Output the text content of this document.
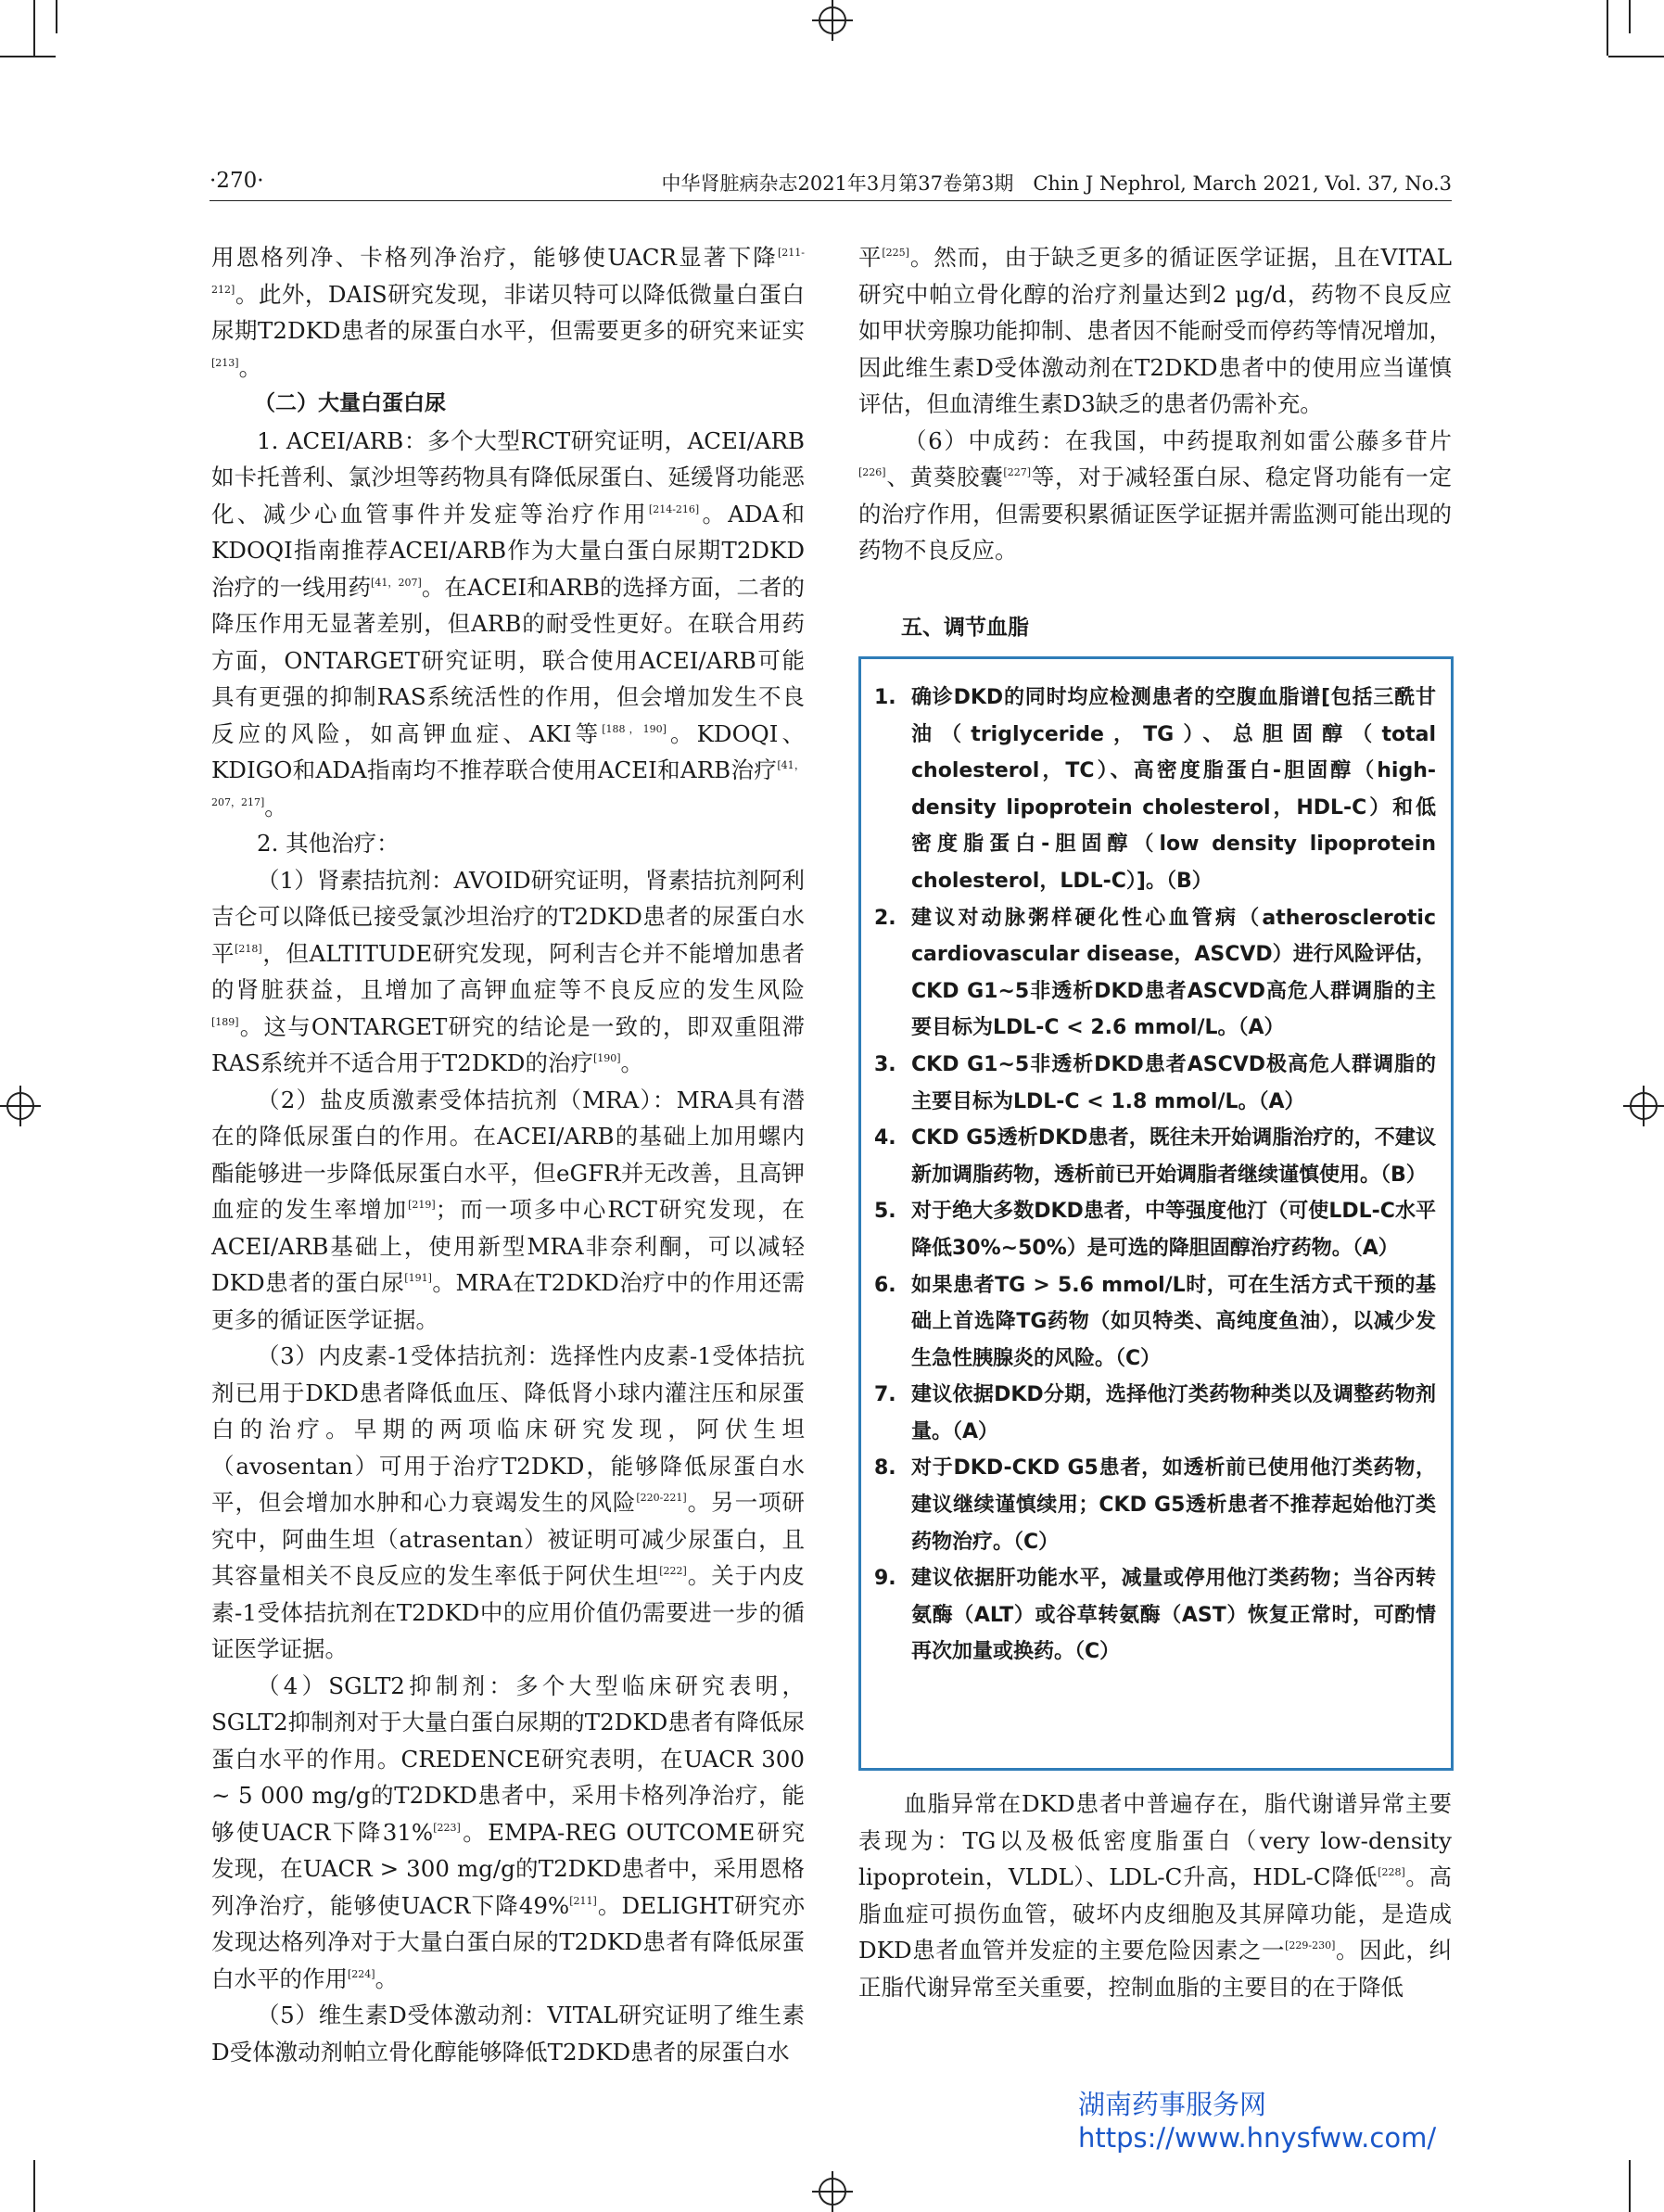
·270·	中华肾脏病杂志2021年3月第37卷第3期　Chin J Nephrol, March 2021, Vol. 37, No.3

用恩格列净、卡格列净治疗，能够使UACR显著下降[211-212]。此外，DAIS研究发现，非诺贝特可以降低微量白蛋白尿期T2DKD患者的尿蛋白水平，但需要更多的研究来证实[213]。

（二）大量白蛋白尿

1. ACEI/ARB：多个大型RCT研究证明，ACEI/ARB如卡托普利、氯沙坦等药物具有降低尿蛋白、延缓肾功能恶化、减少心血管事件并发症等治疗作用[214-216]。ADA和KDOQI指南推荐ACEI/ARB作为大量白蛋白尿期T2DKD治疗的一线用药[41，207]。在ACEI和ARB的选择方面，二者的降压作用无显著差别，但ARB的耐受性更好。在联合用药方面，ONTARGET研究证明，联合使用ACEI/ARB可能具有更强的抑制RAS系统活性的作用，但会增加发生不良反应的风险，如高钾血症、AKI等[188，190]。KDOQI、KDIGO和ADA指南均不推荐联合使用ACEI和ARB治疗[41，207，217]。

2. 其他治疗：

（1）肾素拮抗剂：AVOID研究证明，肾素拮抗剂阿利吉仑可以降低已接受氯沙坦治疗的T2DKD患者的尿蛋白水平[218]，但ALTITUDE研究发现，阿利吉仑并不能增加患者的肾脏获益，且增加了高钾血症等不良反应的发生风险[189]。这与ONTARGET研究的结论是一致的，即双重阻滞RAS系统并不适合用于T2DKD的治疗[190]。

（2）盐皮质激素受体拮抗剂（MRA）：MRA具有潜在的降低尿蛋白的作用。在ACEI/ARB的基础上加用螺内酯能够进一步降低尿蛋白水平，但eGFR并无改善，且高钾血症的发生率增加[219]；而一项多中心RCT研究发现，在ACEI/ARB基础上，使用新型MRA非奈利酮，可以减轻DKD患者的蛋白尿[191]。MRA在T2DKD治疗中的作用还需更多的循证医学证据。

（3）内皮素-1受体拮抗剂：选择性内皮素-1受体拮抗剂已用于DKD患者降低血压、降低肾小球内灌注压和尿蛋白的治疗。早期的两项临床研究发现，阿伏生坦（avosentan）可用于治疗T2DKD，能够降低尿蛋白水平，但会增加水肿和心力衰竭发生的风险[220-221]。另一项研究中，阿曲生坦（atrasentan）被证明可减少尿蛋白，且其容量相关不良反应的发生率低于阿伏生坦[222]。关于内皮素-1受体拮抗剂在T2DKD中的应用价值仍需要进一步的循证医学证据。

（4）SGLT2抑制剂：多个大型临床研究表明，SGLT2抑制剂对于大量白蛋白尿期的T2DKD患者有降低尿蛋白水平的作用。CREDENCE研究表明，在UACR 300 ~ 5 000 mg/g的T2DKD患者中，采用卡格列净治疗，能够使UACR下降31%[223]。EMPA-REG OUTCOME研究发现，在UACR > 300 mg/g的T2DKD患者中，采用恩格列净治疗，能够使UACR下降49%[211]。DELIGHT研究亦发现达格列净对于大量白蛋白尿的T2DKD患者有降低尿蛋白水平的作用[224]。

（5）维生素D受体激动剂：VITAL研究证明了维生素D受体激动剂帕立骨化醇能够降低T2DKD患者的尿蛋白水

平[225]。然而，由于缺乏更多的循证医学证据，且在VITAL研究中帕立骨化醇的治疗剂量达到2 μg/d，药物不良反应如甲状旁腺功能抑制、患者因不能耐受而停药等情况增加，因此维生素D受体激动剂在T2DKD患者中的使用应当谨慎评估，但血清维生素D3缺乏的患者仍需补充。

（6）中成药：在我国，中药提取剂如雷公藤多苷片[226]、黄葵胶囊[227]等，对于减轻蛋白尿、稳定肾功能有一定的治疗作用，但需要积累循证医学证据并需监测可能出现的药物不良反应。

五、调节血脂

1. 确诊DKD的同时均应检测患者的空腹血脂谱[包括三酰甘油（triglyceride，TG）、总胆固醇（total cholesterol，TC）、高密度脂蛋白-胆固醇（high-density lipoprotein cholesterol，HDL-C）和低密度脂蛋白-胆固醇（low density lipoprotein cholesterol，LDL-C）]。（B）
2. 建议对动脉粥样硬化性心血管病（atherosclerotic cardiovascular disease，ASCVD）进行风险评估，CKD G1~5非透析DKD患者ASCVD高危人群调脂的主要目标为LDL-C < 2.6 mmol/L。（A）
3. CKD G1~5非透析DKD患者ASCVD极高危人群调脂的主要目标为LDL-C < 1.8 mmol/L。（A）
4. CKD G5透析DKD患者，既往未开始调脂治疗的，不建议新加调脂药物，透析前已开始调脂者继续谨慎使用。（B）
5. 对于绝大多数DKD患者，中等强度他汀（可使LDL-C水平降低30%~50%）是可选的降胆固醇治疗药物。（A）
6. 如果患者TG > 5.6 mmol/L时，可在生活方式干预的基础上首选降TG药物（如贝特类、高纯度鱼油），以减少发生急性胰腺炎的风险。（C）
7. 建议依据DKD分期，选择他汀类药物种类以及调整药物剂量。（A）
8. 对于DKD-CKD G5患者，如透析前已使用他汀类药物，建议继续谨慎续用；CKD G5透析患者不推荐起始他汀类药物治疗。（C）
9. 建议依据肝功能水平，减量或停用他汀类药物；当谷丙转氨酶（ALT）或谷草转氨酶（AST）恢复正常时，可酌情再次加量或换药。（C）

血脂异常在DKD患者中普遍存在，脂代谢谱异常主要表现为：TG以及极低密度脂蛋白（very low-density lipoprotein，VLDL）、LDL-C升高，HDL-C降低[228]。高脂血症可损伤血管，破坏内皮细胞及其屏障功能，是造成DKD患者血管并发症的主要危险因素之一[229-230]。因此，纠正脂代谢异常至关重要，控制血脂的主要目的在于降低

湖南药事服务网
https://www.hnysfww.com/
